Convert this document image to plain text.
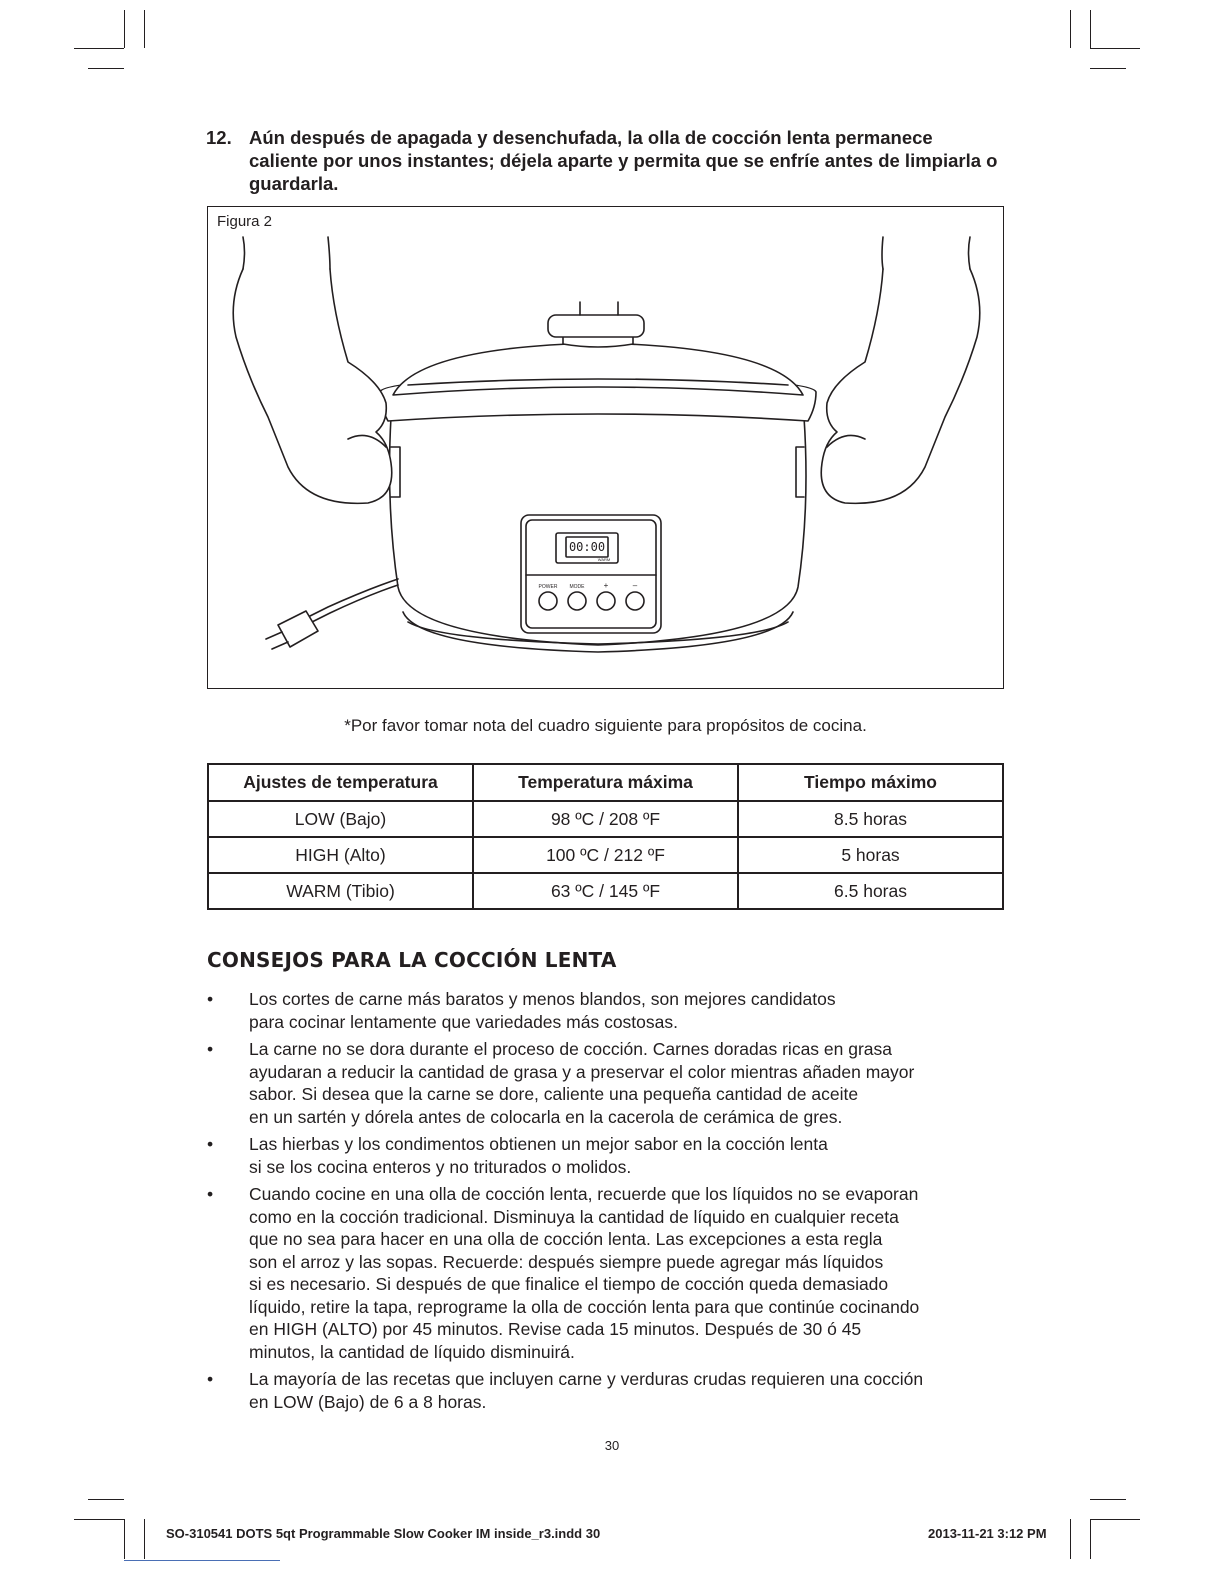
12. Aún después de apagada y desenchufada, la olla de cocción lenta permanece caliente por unos instantes; déjela aparte y permita que se enfríe antes de limpiarla o guardarla.
Figura 2
00:00
WARM
POWER MODE +	–
*Por favor tomar nota del cuadro siguiente para propósitos de cocina.
Ajustes de temperatura	Temperatura máxima	Tiempo máximo
LOW (Bajo)	98 ºC / 208 ºF	8.5 horas
HIGH (Alto)	100 ºC / 212 ºF	5 horas
WARM (Tibio)	63 ºC / 145 ºF	6.5 horas
CONSEJOS PARA LA COCCIÓN LENTA
• Los cortes de carne más baratos y menos blandos, son mejores candidatos
para cocinar lentamente que variedades más costosas.
• La carne no se dora durante el proceso de cocción. Carnes doradas ricas en grasa
ayudaran a reducir la cantidad de grasa y a preservar el color mientras añaden mayor
sabor. Si desea que la carne se dore, caliente una pequeña cantidad de aceite
en un sartén y dórela antes de colocarla en la cacerola de cerámica de gres.
• Las hierbas y los condimentos obtienen un mejor sabor en la cocción lenta
si se los cocina enteros y no triturados o molidos.
• Cuando cocine en una olla de cocción lenta, recuerde que los líquidos no se evaporan
como en la cocción tradicional. Disminuya la cantidad de líquido en cualquier receta
que no sea para hacer en una olla de cocción lenta. Las excepciones a esta regla
son el arroz y las sopas. Recuerde: después siempre puede agregar más líquidos
si es necesario. Si después de que finalice el tiempo de cocción queda demasiado
líquido, retire la tapa, reprograme la olla de cocción lenta para que continúe cocinando
en HIGH (ALTO) por 45 minutos. Revise cada 15 minutos. Después de 30 ó 45
minutos, la cantidad de líquido disminuirá.
• La mayoría de las recetas que incluyen carne y verduras crudas requieren una cocción
en LOW (Bajo) de 6 a 8 horas.
30
SO-310541 DOTS 5qt Programmable Slow Cooker IM inside_r3.indd 30	2013-11-21 3:12 PM
